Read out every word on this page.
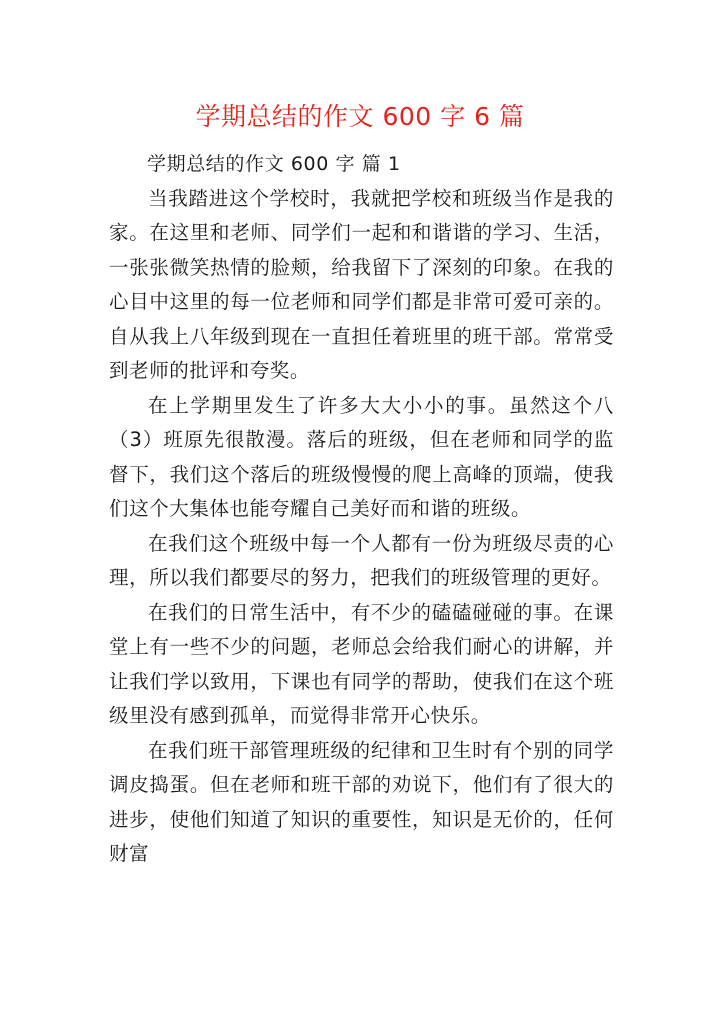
学期总结的作文 600 字 6 篇

学期总结的作文 600 字 篇 1

当我踏进这个学校时，我就把学校和班级当作是我的家。在这里和老师、同学们一起和和谐谐的学习、生活，一张张微笑热情的脸颊，给我留下了深刻的印象。在我的心目中这里的每一位老师和同学们都是非常可爱可亲的。自从我上八年级到现在一直担任着班里的班干部。常常受到老师的批评和夸奖。

在上学期里发生了许多大大小小的事。虽然这个八（3）班原先很散漫。落后的班级，但在老师和同学的监督下，我们这个落后的班级慢慢的爬上高峰的顶端，使我们这个大集体也能夸耀自己美好而和谐的班级。

在我们这个班级中每一个人都有一份为班级尽责的心理，所以我们都要尽的努力，把我们的班级管理的更好。

在我们的日常生活中，有不少的磕磕碰碰的事。在课堂上有一些不少的问题，老师总会给我们耐心的讲解，并让我们学以致用，下课也有同学的帮助，使我们在这个班级里没有感到孤单，而觉得非常开心快乐。

在我们班干部管理班级的纪律和卫生时有个别的同学调皮捣蛋。但在老师和班干部的劝说下，他们有了很大的进步，使他们知道了知识的重要性，知识是无价的，任何财富
